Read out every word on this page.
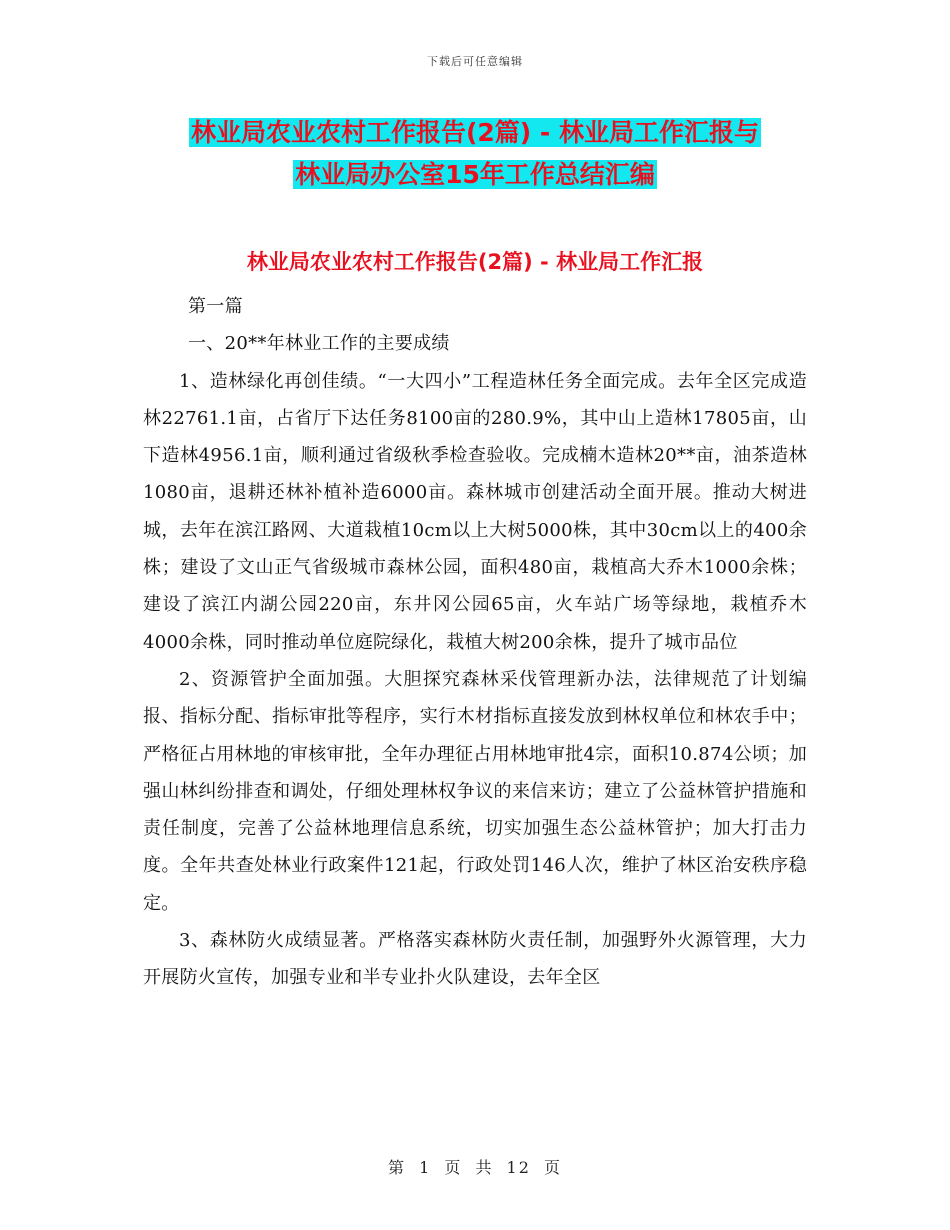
下载后可任意编辑
林业局农业农村工作报告(2篇) - 林业局工作汇报与
林业局办公室15年工作总结汇编
林业局农业农村工作报告(2篇) - 林业局工作汇报

第一篇

一、20**年林业工作的主要成绩

1、造林绿化再创佳绩。“一大四小”工程造林任务全面完成。去年全区完成造林22761.1亩，占省厅下达任务8100亩的280.9%，其中山上造林17805亩，山下造林4956.1亩，顺利通过省级秋季检查验收。完成楠木造林20**亩，油茶造林1080亩，退耕还林补植补造6000亩。森林城市创建活动全面开展。推动大树进城，去年在滨江路网、大道栽植10cm以上大树5000株，其中30cm以上的400余株；建设了文山正气省级城市森林公园，面积480亩，栽植高大乔木1000余株；建设了滨江内湖公园220亩，东井冈公园65亩，火车站广场等绿地，栽植乔木4000余株，同时推动单位庭院绿化，栽植大树200余株，提升了城市品位

2、资源管护全面加强。大胆探究森林采伐管理新办法，法律规范了计划编报、指标分配、指标审批等程序，实行木材指标直接发放到林权单位和林农手中；严格征占用林地的审核审批，全年办理征占用林地审批4宗，面积10.874公顷；加强山林纠纷排查和调处，仔细处理林权争议的来信来访；建立了公益林管护措施和责任制度，完善了公益林地理信息系统，切实加强生态公益林管护；加大打击力度。全年共查处林业行政案件121起，行政处罚146人次，维护了林区治安秩序稳定。

3、森林防火成绩显著。严格落实森林防火责任制，加强野外火源管理，大力开展防火宣传，加强专业和半专业扑火队建设，去年全区

第 1 页 共 12 页
